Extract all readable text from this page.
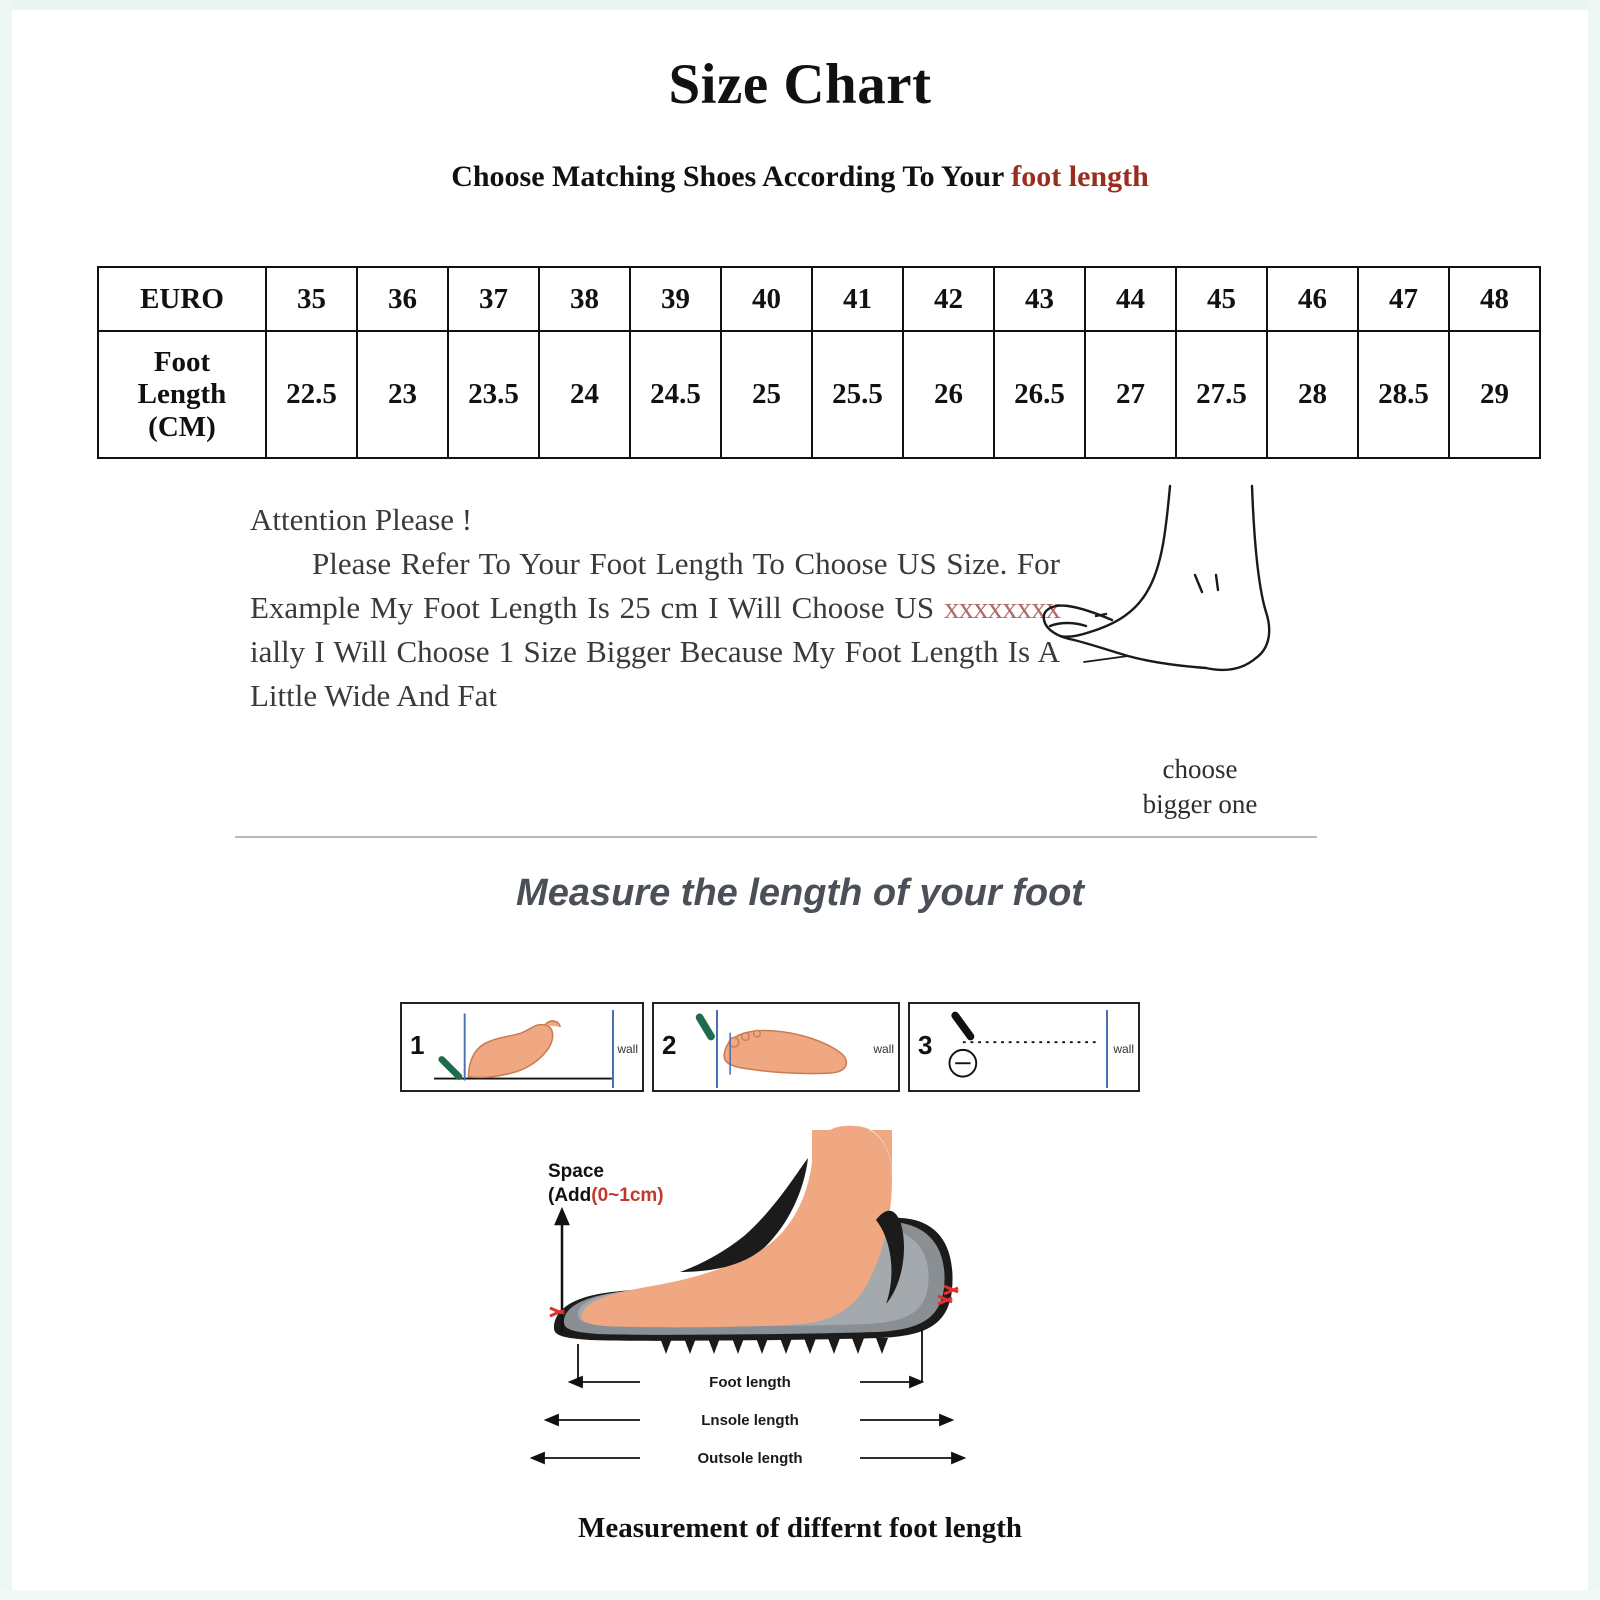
Size Chart
Choose Matching Shoes According To Your foot length
EURO	35	36	37	38	39	40	41	42	43	44	45	46	47	48

Foot
Length
(CM)	22.5	23	23.5	24	24.5	25	25.5	26	26.5	27	27.5	28	28.5	29

Attention Please !

Please Refer To Your Foot Length To Choose US Size. For Example My Foot Length Is 25 cm I Will Choose US xxxxxxxx ially I Will Choose 1 Size Bigger Because My Foot Length Is A Little Wide And Fat

choose
bigger one
Measure the length of your foot
1	wall 2	wall 3	wall
Space
(Add(0~1cm)
Foot length
Lnsole length
Outsole length
Measurement of differnt foot length
